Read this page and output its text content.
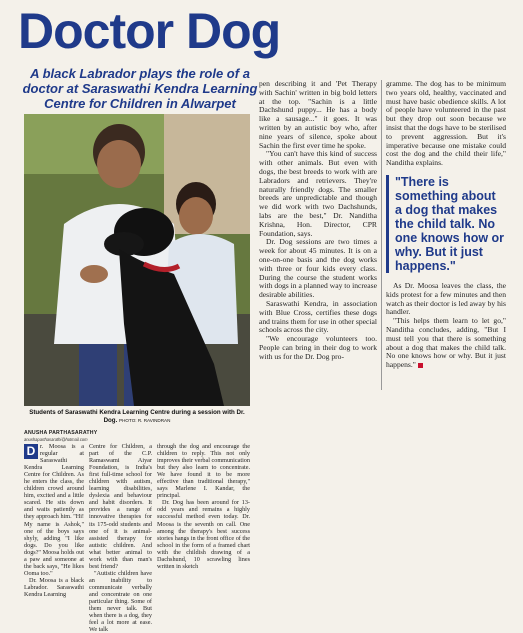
Doctor Dog
A black Labrador plays the role of a doctor at Saraswathi Kendra Learning Centre for Children in Alwarpet
Students of Saraswathi Kendra Learning Centre during a session with Dr. Dog. PHOTO: R. RAVINDRAN
ANUSHA PARTHASARATHY
anushaparthasarathi@hotmail.com
D r. Moosa is a regular at Saraswathi Kendra Learning Centre for Children. As he enters the class, the children crowd around him, excited and a little scared. He sits down and waits patiently as they approach him. "Hi! My name is Ashok," one of the boys says shyly, adding "I like dogs. Do you like dogs?" Moosa holds out a paw and someone at the back says, "He likes Ooma too."

Dr. Moosa is a black Labrador. Saraswathi Kendra Learning

Centre for Children, a part of the C.P. Ramaswami Aiyar Foundation, is India's first full-time school for children with autism, learning disabilities, dyslexia and behaviour and habit disorders. It provides a range of innovative therapies for its 175-odd students and one of it is animal-assisted therapy for autistic children. And what better animal to work with than man's best friend?

"Autistic children have an inability to communicate verbally and concentrate on one particular thing. Some of them never talk. But when there is a dog, they feel a lot more at ease. We talk

through the dog and encourage the children to reply. This not only improves their verbal communication but they also learn to concentrate. We have found it to be more effective than traditional therapy," says Marlene I. Kandar, the principal.

Dr. Dog has been around for 13-odd years and remains a highly successful method even today. Dr. Moosa is the seventh on call. One among the therapy's best success stories hangs in the front office of the school in the form of a framed chart with the childish drawing of a Dachshund, 10 scrawling lines written in sketch

pen describing it and 'Pet Therapy with Sachin' written in big bold letters at the top. "Sachin is a little Dachshund puppy... He has a body like a sausage..." it goes. It was written by an autistic boy who, after nine years of silence, spoke about Sachin the first ever time he spoke.

"You can't have this kind of success with other animals. But even with dogs, the best breeds to work with are Labradors and retrievers. They're naturally friendly dogs. The smaller breeds are unpredictable and though we did work with two Dachshunds, labs are the best," Dr. Nanditha Krishna, Hon. Director, CPR Foundation, says.

Dr. Dog sessions are two times a week for about 45 minutes. It is on a one-on-one basis and the dog works with three or four kids every class. During the course the student works with dogs in a planned way to increase desirable abilities.

Saraswathi Kendra, in association with Blue Cross, certifies these dogs and trains them for use in other special schools across the city.

"We encourage volunteers too. People can bring in their dog to work with us for the Dr. Dog pro-

gramme. The dog has to be minimum two years old, healthy, vaccinated and must have basic obedience skills. A lot of people have volunteered in the past but they drop out soon because we insist that the dogs have to be sterilised to prevent aggression. But it's imperative because one mistake could cost the dog and the child their life," Nanditha explains.

"There is something about a dog that makes the child talk. No one knows how or why. But it just happens."

As Dr. Moosa leaves the class, the kids protest for a few minutes and then watch as their doctor is led away by his handler.

"This helps them learn to let go," Nanditha concludes, adding, "But I must tell you that there is something about a dog that makes the child talk. No one knows how or why. But it just happens."
